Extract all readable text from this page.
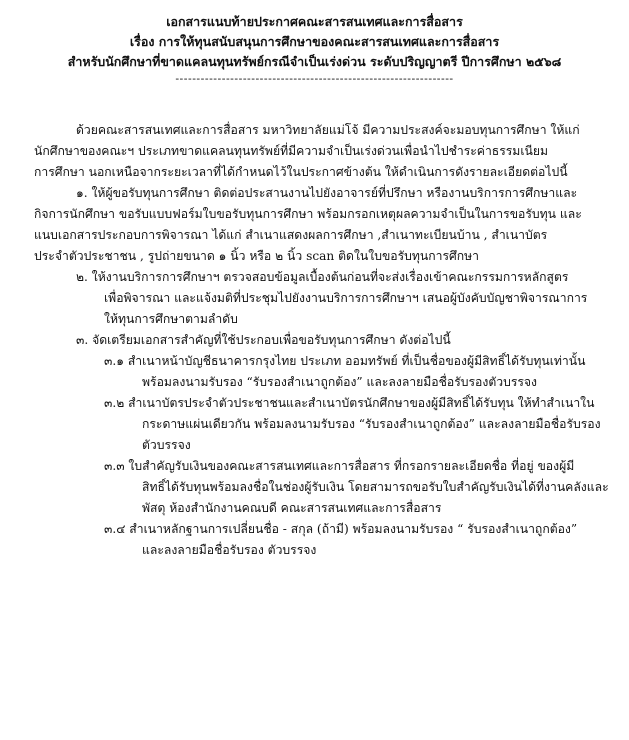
เอกสารแนบท้ายประกาศคณะสารสนเทศและการสื่อสาร
เรื่อง การให้ทุนสนับสนุนการศึกษาของคณะสารสนเทศและการสื่อสาร
สำหรับนักศึกษาที่ขาดแคลนทุนทรัพย์กรณีจำเป็นเร่งด่วน ระดับปริญญาตรี ปีการศึกษา ๒๕๖๘
------------------------------------------------------------------

ด้วยคณะสารสนเทศและการสื่อสาร มหาวิทยาลัยแม่โจ้ มีความประสงค์จะมอบทุนการศึกษา ให้แก่

นักศึกษาของคณะฯ ประเภทขาดแคลนทุนทรัพย์ที่มีความจำเป็นเร่งด่วนเพื่อนำไปชำระค่าธรรมเนียม

การศึกษา นอกเหนือจากระยะเวลาที่ได้กำหนดไว้ในประกาศข้างต้น ให้ดำเนินการดังรายละเอียดต่อไปนี้

๑. ให้ผู้ขอรับทุนการศึกษา ติดต่อประสานงานไปยังอาจารย์ที่ปรึกษา หรืองานบริการการศึกษาและ

กิจการนักศึกษา ขอรับแบบฟอร์มใบขอรับทุนการศึกษา พร้อมกรอกเหตุผลความจำเป็นในการขอรับทุน และ

แนบเอกสารประกอบการพิจารณา ได้แก่ สำเนาแสดงผลการศึกษา ,สำเนาทะเบียนบ้าน , สำเนาบัตร

ประจำตัวประชาชน , รูปถ่ายขนาด ๑ นิ้ว หรือ ๒ นิ้ว scan ติดในใบขอรับทุนการศึกษา

๒. ให้งานบริการการศึกษาฯ ตรวจสอบข้อมูลเบื้องต้นก่อนที่จะส่งเรื่องเข้าคณะกรรมการหลักสูตร

เพื่อพิจารณา และแจ้งมติที่ประชุมไปยังงานบริการการศึกษาฯ เสนอผู้บังคับบัญชาพิจารณาการ

ให้ทุนการศึกษาตามลำดับ

๓. จัดเตรียมเอกสารสำคัญที่ใช้ประกอบเพื่อขอรับทุนการศึกษา ดังต่อไปนี้

๓.๑ สำเนาหน้าบัญชีธนาคารกรุงไทย ประเภท ออมทรัพย์ ที่เป็นชื่อของผู้มีสิทธิ์ได้รับทุนเท่านั้น

พร้อมลงนามรับรอง “รับรองสำเนาถูกต้อง” และลงลายมือชื่อรับรองตัวบรรจง

๓.๒ สำเนาบัตรประจำตัวประชาชนและสำเนาบัตรนักศึกษาของผู้มีสิทธิ์ได้รับทุน ให้ทำสำเนาใน

กระดาษแผ่นเดียวกัน พร้อมลงนามรับรอง “รับรองสำเนาถูกต้อง” และลงลายมือชื่อรับรอง

ตัวบรรจง

๓.๓ ใบสำคัญรับเงินของคณะสารสนเทศและการสื่อสาร ที่กรอกรายละเอียดชื่อ ที่อยู่ ของผู้มี

สิทธิ์ได้รับทุนพร้อมลงชื่อในช่องผู้รับเงิน โดยสามารถขอรับใบสำคัญรับเงินได้ที่งานคลังและ

พัสดุ ห้องสำนักงานคณบดี คณะสารสนเทศและการสื่อสาร

๓.๔ สำเนาหลักฐานการเปลี่ยนชื่อ - สกุล (ถ้ามี) พร้อมลงนามรับรอง “ รับรองสำเนาถูกต้อง”

และลงลายมือชื่อรับรอง ตัวบรรจง
